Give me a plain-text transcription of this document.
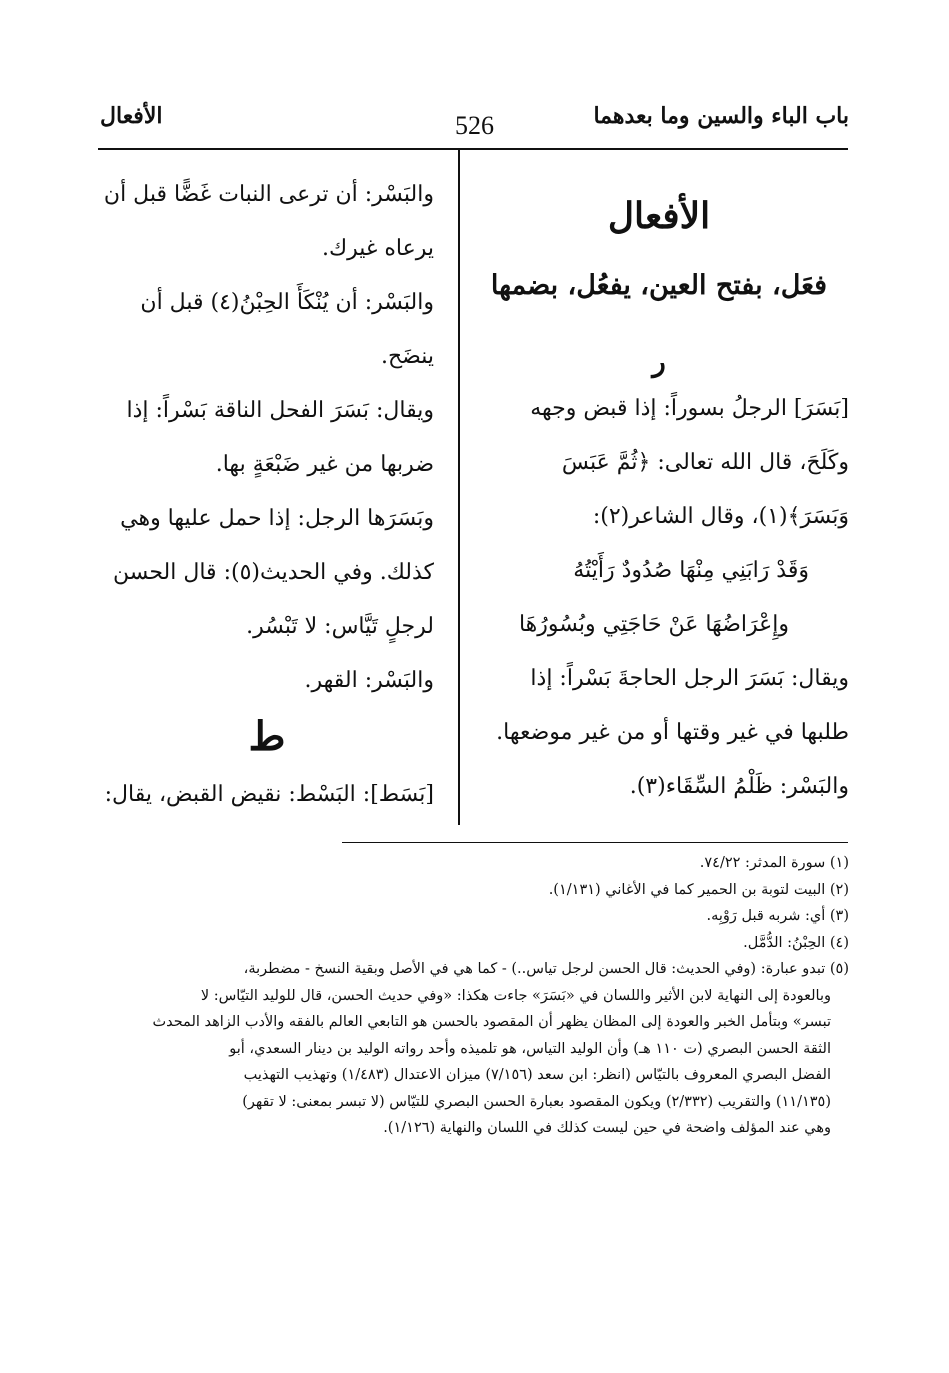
باب الباء والسين وما بعدهما
526
الأفعال
الأفعال
فعَل، بفتح العين، يفعُل، بضمها
ر

[بَسَرَ] الرجلُ بسوراً: إذا قبض وجهه

وكَلَحَ، قال الله تعالى: ﴿ثُمَّ عَبَسَ

وَبَسَرَ﴾(١)، وقال الشاعر(٢):

وَقَدْ رَابَنِي مِنْهَا صُدُودٌ رَأَيْتُهُ

وإِعْرَاضُهَا عَنْ حَاجَتِي وبُسُورُهَا

ويقال: بَسَرَ الرجل الحاجةَ بَسْراً: إذا

طلبها في غير وقتها أو من غير موضعها.

والبَسْر: ظَلْمُ السِّقَاء(٣).

والبَسْر: أن ترعى النبات غَضًّا قبل أن

يرعاه غيرك.

والبَسْر: أن يُنْكَأَ الحِبْنُ(٤) قبل أن

ينضَح.

ويقال: بَسَرَ الفحل الناقة بَسْراً: إذا

ضربها من غير ضَبْعَةٍ بها.

وبَسَرَها الرجل: إذا حمل عليها وهي

كذلك. وفي الحديث(٥): قال الحسن

لرجلٍ تَيَّاس: لا تَبْسُر.

والبَسْر: القهر.

ط

[بَسَط]: البَسْط: نقيض القبض، يقال:

(١) سورة المدثر: ٧٤/٢٢.

(٢) البيت لتوبة بن الحمير كما في الأغاني (١/١٣١).

(٣) أي: شربه قبل رَوْبِه.

(٤) الحِبْنُ: الدُّمَّل.

(٥) تبدو عبارة: (وفي الحديث: قال الحسن لرجل تياس..) - كما هي في الأصل وبقية النسخ - مضطربة،

وبالعودة إلى النهاية لابن الأثير واللسان في «بَسَرَ» جاءت هكذا: «وفي حديث الحسن، قال للوليد التيّاس: لا

تبسر» وبتأمل الخبر والعودة إلى المظان يظهر أن المقصود بالحسن هو التابعي العالم بالفقه والأدب الزاهد المحدث

الثقة الحسن البصري (ت ١١٠ هـ) وأن الوليد التياس، هو تلميذه وأحد رواته الوليد بن دينار السعدي، أبو

الفضل البصري المعروف بالتيّاس (انظر: ابن سعد (٧/١٥٦) ميزان الاعتدال (١/٤٨٣) وتهذيب التهذيب

(١١/١٣٥) والتقريب (٢/٣٣٢) ويكون المقصود بعبارة الحسن البصري للتيّاس (لا تبسر بمعنى: لا تقهر)

وهي عند المؤلف واضحة في حين ليست كذلك في اللسان والنهاية (١/١٢٦).
